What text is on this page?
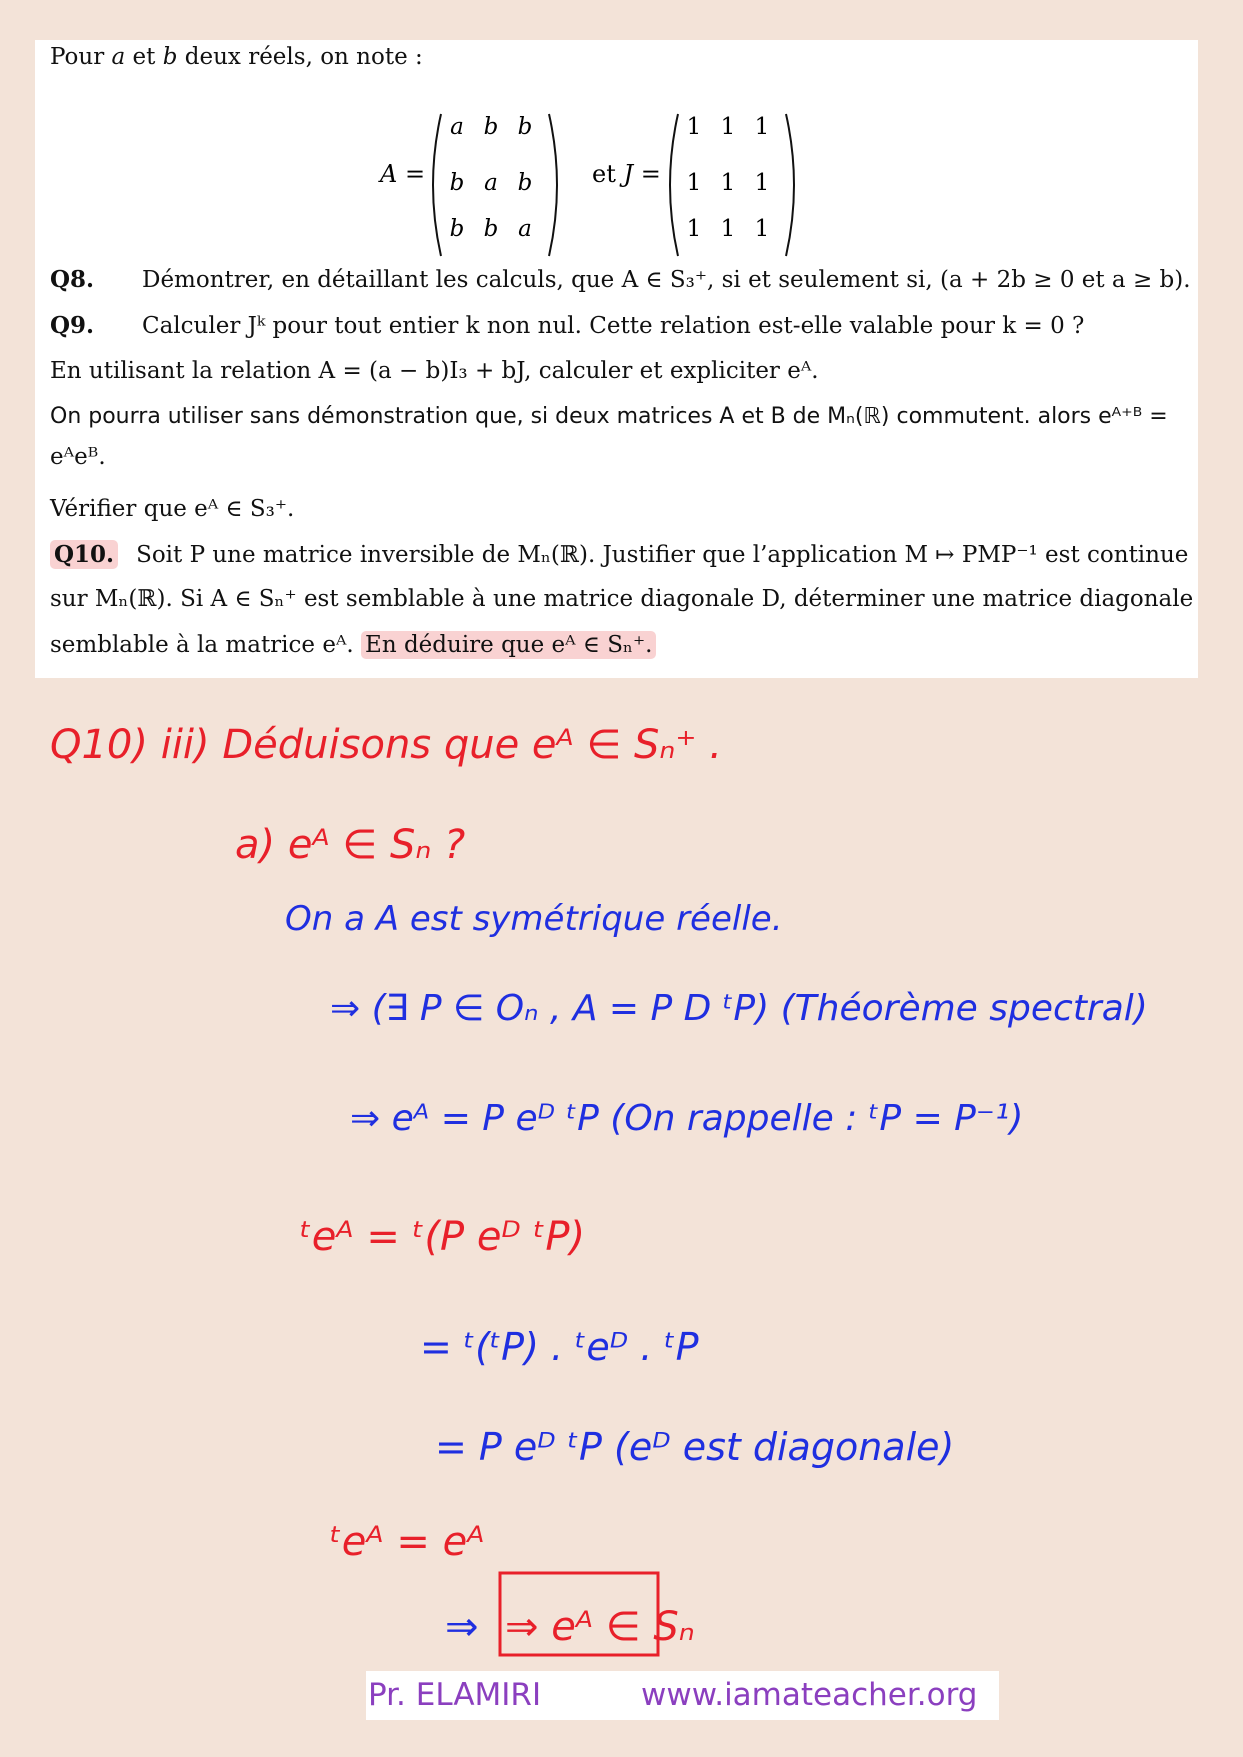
Pour a et b deux réels, on note :
A =
a b b
b a b
b b a
et J =
1 1 1
1 1 1
1 1 1
Q8. Démontrer, en détaillant les calculs, que A ∈ S₃⁺, si et seulement si, (a + 2b ≥ 0 et a ≥ b).
Q9. Calculer Jᵏ pour tout entier k non nul. Cette relation est-elle valable pour k = 0 ?
En utilisant la relation A = (a − b)I₃ + bJ, calculer et expliciter eᴬ.
On pourra utiliser sans démonstration que, si deux matrices A et B de Mₙ(ℝ) commutent. alors eᴬ⁺ᴮ =
eᴬeᴮ.
Vérifier que eᴬ ∈ S₃⁺.
Q10. Soit P une matrice inversible de Mₙ(ℝ). Justifier que l’application M ↦ PMP⁻¹ est continue
sur Mₙ(ℝ). Si A ∈ Sₙ⁺ est semblable à une matrice diagonale D, déterminer une matrice diagonale
semblable à la matrice eᴬ. En déduire que eᴬ ∈ Sₙ⁺.
Q10) iii) Déduisons que eᴬ ∈ Sₙ⁺ .
a) eᴬ ∈ Sₙ ?
On a A est symétrique réelle.
⇒ (∃ P ∈ Oₙ , A = P D ᵗP) (Théorème spectral)
⇒ eᴬ = P eᴰ ᵗP (On rappelle : ᵗP = P⁻¹)
ᵗeᴬ = ᵗ(P eᴰ ᵗP)
= ᵗ(ᵗP) . ᵗeᴰ . ᵗP
= P eᴰ ᵗP (eᴰ est diagonale)
ᵗeᴬ = eᴬ
⇒ ⇒ eᴬ ∈ Sₙ
Pr. ELAMIRI	www.iamateacher.org
